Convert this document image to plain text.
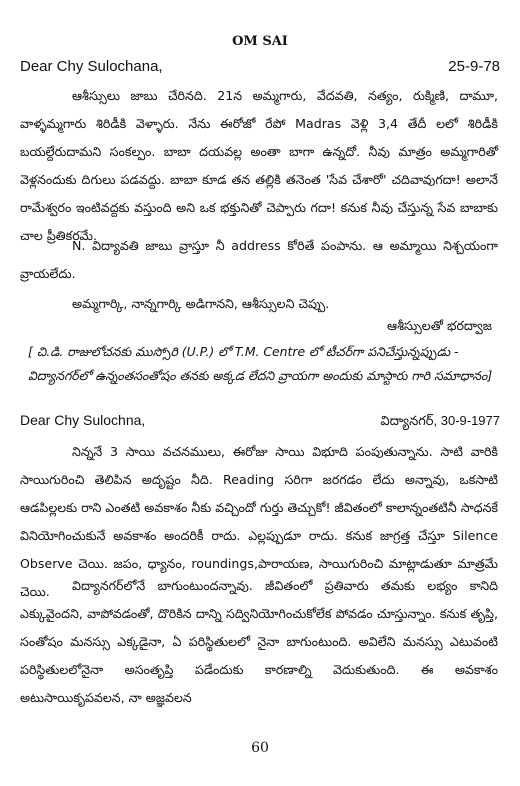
OM SAI
Dear Chy Sulochana,	25-9-78

ఆశీస్సులు జాబు చేరినది. 21న అమ్మగారు, వేదవతి, నత్యం, రుక్మిణి, దామూ, వాళ్ళమ్మగారు శిరిడీకి వెళ్ళారు. నేను ఈరోజో రేపో Madras వెళ్లి 3,4 తేదీ లలో శిరిడీకి బయల్దేరుదామని సంకల్పం. బాబా దయవల్ల అంతా బాగా ఉన్నదో. నీవు మాత్రం అమ్మగారితో వెళ్లనందుకు దిగులు పడవద్దు. బాబా కూడ తన తల్లికి తనెంత 'సేవ చేశారో' చదివావుగదా! అలానే రామేశ్వరం ఇంటివద్దకు వస్తుంది అని ఒక భక్తునితో చెప్పారు గదా! కనుక నీవు చేస్తున్న సేవ బాబాకు చాల ప్రీతికరమే.

N. విద్యావతి జాబు వ్రాస్తూ నీ address కోరితే పంపాను. ఆ అమ్మాయి నిశ్చయంగా వ్రాయలేదు.

అమ్మగార్కి, నాన్నగార్కి అడిగానని, ఆశీస్సులని చెప్పు.

ఆశీస్సులతో భరద్వాజ

[ చి.డి. రాజులోచనకు ముస్సోరి (U.P.) లో T.M. Centre లో టీచర్‌గా పనిచేస్తున్నప్పుడు - విద్యానగర్‌లో ఉన్నంతసంతోషం తనకు అక్కడ లేదని వ్రాయగా అందుకు మాస్టారు గారి సమాధానం]

Dear Chy Sulochna,	విద్యానగర్, 30-9-1977

నిన్ననే 3 సాయి వచనములు, ఈరోజు సాయి విభూది పంపుతున్నాను. సాటి వారికి సాయిగురించి తెలిపిన అదృష్టం నీది. Reading సరిగా జరగడం లేదు అన్నావు, ఒకసాటి ఆడపిల్లలకు రాని ఎంతటి అవకాశం నీకు వచ్చిందో గుర్తు తెచ్చుకో! జీవితంలో కాలాన్నంతటినీ సాధనకే వినియోగించుకునే అవకాశం అందరికీ రాదు. ఎల్లప్పుడూ రాదు. కనుక జాగ్రత్త చేస్తూ Silence Observe చెయి. జపం, ధ్యానం, roundings,పారాయణ, సాయిగురించి మాట్లాడుతూ మాత్రమే చెయి.	విద్యానగర్‌లోనే బాగుంటుందన్నావు. జీవితంలో ప్రతివారు తమకు లభ్యం కానిది ఎక్కువైందని, వాపోవడంతో, దొరికిన దాన్ని సద్వినియోగించుకోలేక పోవడం చూస్తున్నాం. కనుక తృప్తి, సంతోషం మనస్సు ఎక్కడైనా, ఏ పరిస్థితులలో నైనా బాగుంటుంది. అవిలేని మనస్సు ఎటువంటి పరిస్థితులలోనైనా అసంతృప్తి పడేందుకు కారణాల్ని వెదుకుతుంది. ఈ అవకాశం అటుసాయికృపవలన, నా అజ్ఞవలన

60
